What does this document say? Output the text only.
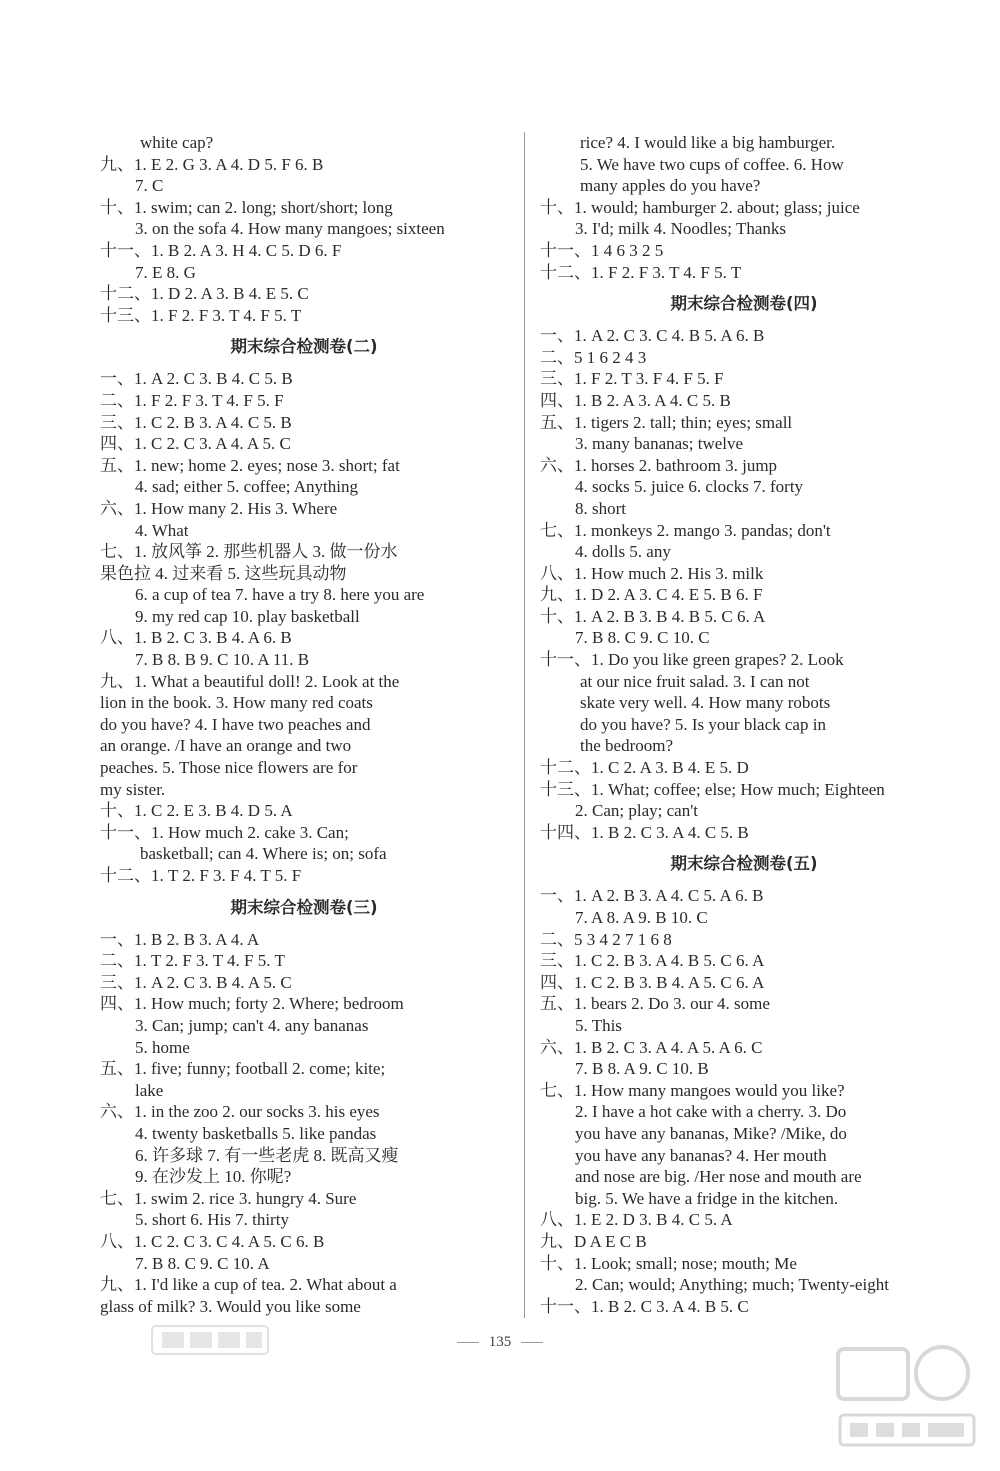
white cap?
九、1. E 2. G 3. A 4. D 5. F 6. B
7. C
十、1. swim; can 2. long; short/short; long
3. on the sofa 4. How many mangoes; sixteen
十一、1. B 2. A 3. H 4. C 5. D 6. F
7. E 8. G
十二、1. D 2. A 3. B 4. E 5. C
十三、1. F 2. F 3. T 4. F 5. T
期末综合检测卷(二)
一、1. A 2. C 3. B 4. C 5. B
二、1. F 2. F 3. T 4. F 5. F
三、1. C 2. B 3. A 4. C 5. B
四、1. C 2. C 3. A 4. A 5. C
五、1. new; home 2. eyes; nose 3. short; fat
4. sad; either 5. coffee; Anything
六、1. How many 2. His 3. Where
4. What
七、1. 放风筝 2. 那些机器人 3. 做一份水
果色拉 4. 过来看 5. 这些玩具动物
6. a cup of tea 7. have a try 8. here you are
9. my red cap 10. play basketball
八、1. B 2. C 3. B 4. A 6. B
7. B 8. B 9. C 10. A 11. B
九、1. What a beautiful doll! 2. Look at the
lion in the book. 3. How many red coats
do you have? 4. I have two peaches and
an orange. /I have an orange and two
peaches. 5. Those nice flowers are for
my sister.
十、1. C 2. E 3. B 4. D 5. A
十一、1. How much 2. cake 3. Can;
basketball; can 4. Where is; on; sofa
十二、1. T 2. F 3. F 4. T 5. F
期末综合检测卷(三)
一、1. B 2. B 3. A 4. A
二、1. T 2. F 3. T 4. F 5. T
三、1. A 2. C 3. B 4. A 5. C
四、1. How much; forty 2. Where; bedroom
3. Can; jump; can't 4. any bananas
5. home
五、1. five; funny; football 2. come; kite;
lake
六、1. in the zoo 2. our socks 3. his eyes
4. twenty basketballs 5. like pandas
6. 许多球 7. 有一些老虎 8. 既高又瘦
9. 在沙发上 10. 你呢?
七、1. swim 2. rice 3. hungry 4. Sure
5. short 6. His 7. thirty
八、1. C 2. C 3. C 4. A 5. C 6. B
7. B 8. C 9. C 10. A
九、1. I'd like a cup of tea. 2. What about a
glass of milk? 3. Would you like some
rice? 4. I would like a big hamburger.
5. We have two cups of coffee. 6. How
many apples do you have?
十、1. would; hamburger 2. about; glass; juice
3. I'd; milk 4. Noodles; Thanks
十一、1 4 6 3 2 5
十二、1. F 2. F 3. T 4. F 5. T
期末综合检测卷(四)
一、1. A 2. C 3. C 4. B 5. A 6. B
二、5 1 6 2 4 3
三、1. F 2. T 3. F 4. F 5. F
四、1. B 2. A 3. A 4. C 5. B
五、1. tigers 2. tall; thin; eyes; small
3. many bananas; twelve
六、1. horses 2. bathroom 3. jump
4. socks 5. juice 6. clocks 7. forty
8. short
七、1. monkeys 2. mango 3. pandas; don't
4. dolls 5. any
八、1. How much 2. His 3. milk
九、1. D 2. A 3. C 4. E 5. B 6. F
十、1. A 2. B 3. B 4. B 5. C 6. A
7. B 8. C 9. C 10. C
十一、1. Do you like green grapes? 2. Look
at our nice fruit salad. 3. I can not
skate very well. 4. How many robots
do you have? 5. Is your black cap in
the bedroom?
十二、1. C 2. A 3. B 4. E 5. D
十三、1. What; coffee; else; How much; Eighteen
2. Can; play; can't
十四、1. B 2. C 3. A 4. C 5. B
期末综合检测卷(五)
一、1. A 2. B 3. A 4. C 5. A 6. B
7. A 8. A 9. B 10. C
二、5 3 4 2 7 1 6 8
三、1. C 2. B 3. A 4. B 5. C 6. A
四、1. C 2. B 3. B 4. A 5. C 6. A
五、1. bears 2. Do 3. our 4. some
5. This
六、1. B 2. C 3. A 4. A 5. A 6. C
7. B 8. A 9. C 10. B
七、1. How many mangoes would you like?
2. I have a hot cake with a cherry. 3. Do
you have any bananas, Mike? /Mike, do
you have any bananas? 4. Her mouth
and nose are big. /Her nose and mouth are
big. 5. We have a fridge in the kitchen.
八、1. E 2. D 3. B 4. C 5. A
九、D A E C B
十、1. Look; small; nose; mouth; Me
2. Can; would; Anything; much; Twenty-eight
十一、1. B 2. C 3. A 4. B 5. C
135
